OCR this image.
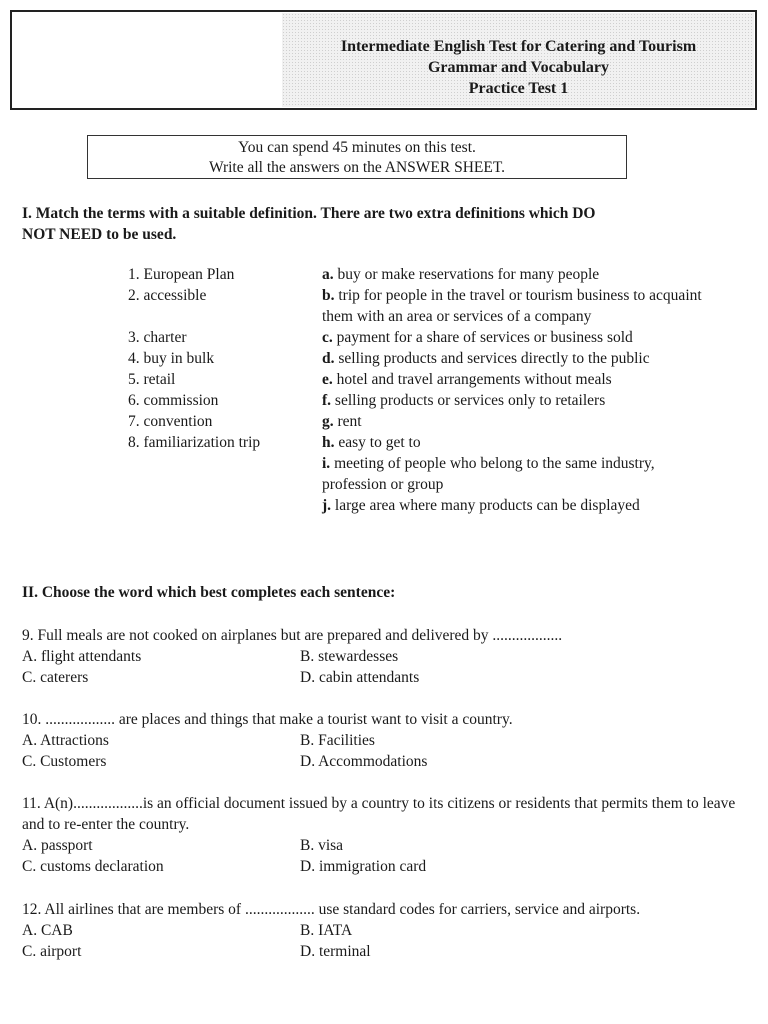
Intermediate English Test for Catering and Tourism
Grammar and Vocabulary
Practice Test 1
You can spend 45 minutes on this test.
Write all the answers on the ANSWER SHEET.
I. Match the terms with a suitable definition. There are two extra definitions which DO
NOT NEED to be used.
1. European Plan	a. buy or make reservations for many people
2. accessible	b. trip for people in the travel or tourism business to acquaint them with an area or services of a company
3. charter	c. payment for a share of services or business sold
4. buy in bulk	d. selling products and services directly to the public
5. retail	e. hotel and travel arrangements without meals
6. commission	f. selling products or services only to retailers
7. convention	g. rent
8. familiarization trip	h. easy to get to
i. meeting of people who belong to the same industry, profession or group
j. large area where many products can be displayed
II. Choose the word which best completes each sentence:
9. Full meals are not cooked on airplanes but are prepared and delivered by ..................
A. flight attendants	B. stewardesses
C. caterers	D. cabin attendants
10. .................. are places and things that make a tourist want to visit a country.
A. Attractions	B. Facilities
C. Customers	D. Accommodations
11. A(n)..................is an official document issued by a country to its citizens or residents that permits them to leave and to re-enter the country.
A. passport	B. visa
C. customs declaration	D. immigration card
12. All airlines that are members of .................. use standard codes for carriers, service and airports.
A. CAB	B. IATA
C. airport	D. terminal
